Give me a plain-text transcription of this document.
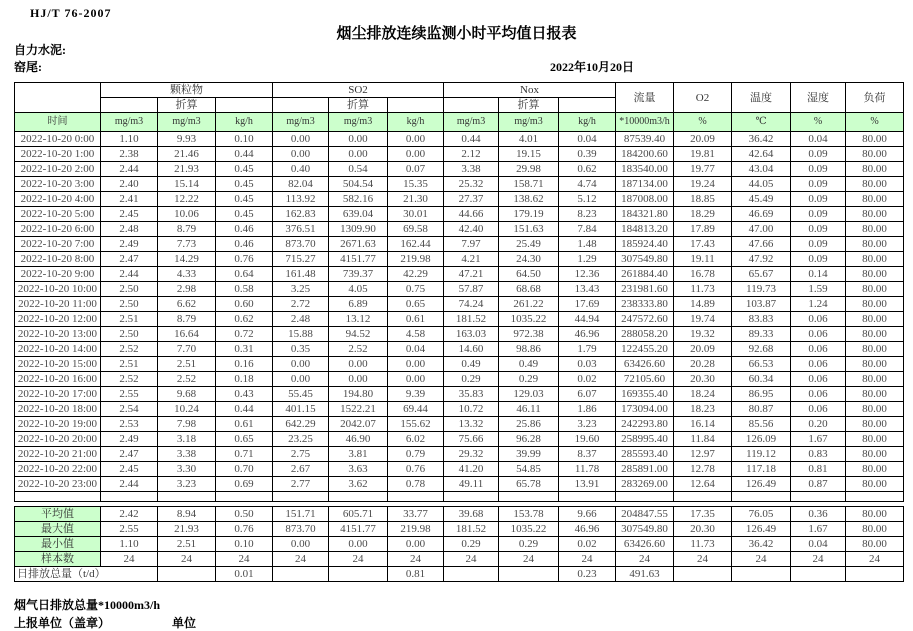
HJ/T 76-2007
烟尘排放连续监测小时平均值日报表
自力水泥:
窑尾:	2022年10月20日
	颗粒物			SO2			Nox			流量	O2	温度	湿度	负荷
		折算			折算			折算						
时间	mg/m3	mg/m3	kg/h	mg/m3	mg/m3	kg/h	mg/m3	mg/m3	kg/h	*10000m3/h	%	℃	%	%
2022-10-20 0:00	1.10	9.93	0.10	0.00	0.00	0.00	0.44	4.01	0.04	87539.40	20.09	36.42	0.04	80.00
2022-10-20 1:00	2.38	21.46	0.44	0.00	0.00	0.00	2.12	19.15	0.39	184200.60	19.81	42.64	0.09	80.00
2022-10-20 2:00	2.44	21.93	0.45	0.40	0.54	0.07	3.38	29.98	0.62	183540.00	19.77	43.04	0.09	80.00
2022-10-20 3:00	2.40	15.14	0.45	82.04	504.54	15.35	25.32	158.71	4.74	187134.00	19.24	44.05	0.09	80.00
2022-10-20 4:00	2.41	12.22	0.45	113.92	582.16	21.30	27.37	138.62	5.12	187008.00	18.85	45.49	0.09	80.00
2022-10-20 5:00	2.45	10.06	0.45	162.83	639.04	30.01	44.66	179.19	8.23	184321.80	18.29	46.69	0.09	80.00
2022-10-20 6:00	2.48	8.79	0.46	376.51	1309.90	69.58	42.40	151.63	7.84	184813.20	17.89	47.00	0.09	80.00
2022-10-20 7:00	2.49	7.73	0.46	873.70	2671.63	162.44	7.97	25.49	1.48	185924.40	17.43	47.66	0.09	80.00
2022-10-20 8:00	2.47	14.29	0.76	715.27	4151.77	219.98	4.21	24.30	1.29	307549.80	19.11	47.92	0.09	80.00
2022-10-20 9:00	2.44	4.33	0.64	161.48	739.37	42.29	47.21	64.50	12.36	261884.40	16.78	65.67	0.14	80.00
2022-10-20 10:00	2.50	2.98	0.58	3.25	4.05	0.75	57.87	68.68	13.43	231981.60	11.73	119.73	1.59	80.00
2022-10-20 11:00	2.50	6.62	0.60	2.72	6.89	0.65	74.24	261.22	17.69	238333.80	14.89	103.87	1.24	80.00
2022-10-20 12:00	2.51	8.79	0.62	2.48	13.12	0.61	181.52	1035.22	44.94	247572.60	19.74	83.83	0.06	80.00
2022-10-20 13:00	2.50	16.64	0.72	15.88	94.52	4.58	163.03	972.38	46.96	288058.20	19.32	89.33	0.06	80.00
2022-10-20 14:00	2.52	7.70	0.31	0.35	2.52	0.04	14.60	98.86	1.79	122455.20	20.09	92.68	0.06	80.00
2022-10-20 15:00	2.51	2.51	0.16	0.00	0.00	0.00	0.49	0.49	0.03	63426.60	20.28	66.53	0.06	80.00
2022-10-20 16:00	2.52	2.52	0.18	0.00	0.00	0.00	0.29	0.29	0.02	72105.60	20.30	60.34	0.06	80.00
2022-10-20 17:00	2.55	9.68	0.43	55.45	194.80	9.39	35.83	129.03	6.07	169355.40	18.24	86.95	0.06	80.00
2022-10-20 18:00	2.54	10.24	0.44	401.15	1522.21	69.44	10.72	46.11	1.86	173094.00	18.23	80.87	0.06	80.00
2022-10-20 19:00	2.53	7.98	0.61	642.29	2042.07	155.62	13.32	25.86	3.23	242293.80	16.14	85.56	0.20	80.00
2022-10-20 20:00	2.49	3.18	0.65	23.25	46.90	6.02	75.66	96.28	19.60	258995.40	11.84	126.09	1.67	80.00
2022-10-20 21:00	2.47	3.38	0.71	2.75	3.81	0.79	29.32	39.99	8.37	285593.40	12.97	119.12	0.83	80.00
2022-10-20 22:00	2.45	3.30	0.70	2.67	3.63	0.76	41.20	54.85	11.78	285891.00	12.78	117.18	0.81	80.00
2022-10-20 23:00	2.44	3.23	0.69	2.77	3.62	0.78	49.11	65.78	13.91	283269.00	12.64	126.49	0.87	80.00

平均值	2.42	8.94	0.50	151.71	605.71	33.77	39.68	153.78	9.66	204847.55	17.35	76.05	0.36	80.00
最大值	2.55	21.93	0.76	873.70	4151.77	219.98	181.52	1035.22	46.96	307549.80	20.30	126.49	1.67	80.00
最小值	1.10	2.51	0.10	0.00	0.00	0.00	0.29	0.29	0.02	63426.60	11.73	36.42	0.04	80.00
样本数	24	24	24	24	24	24	24	24	24	24	24	24	24	24
日排放总量（t/d）			0.01			0.81			0.23	491.63				
烟气日排放总量*10000m3/h
上报单位（盖章）	单位
